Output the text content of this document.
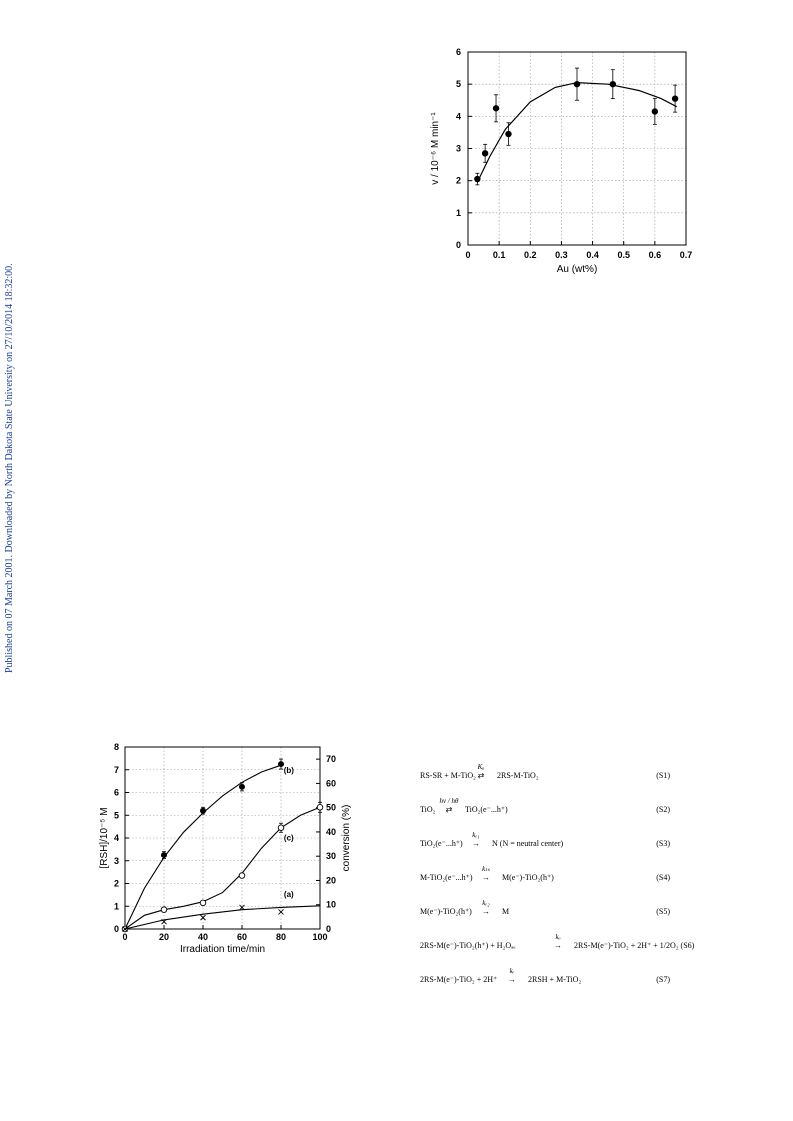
Published on 07 March 2001. Downloaded by North Dakota State University on 27/10/2014 18:32:00.
0 0.1 0.2 0.3 0.4 0.5 0.6 0.7
0
1
2
3
4
5
6
Au (wt%)
v / 10⁻⁶ M min⁻¹
0	20	40	60	80	100
0
1
2
3
4
5
6
7
8
0
10
20
30
40
50
60
70
(b)
(c)
(a)
Irradiation time/min
[RSH]/10⁻⁵ M	conversion (%)
RS-SR + M-TiO₂
Kₐ
⇄	2RS-M-TiO₂	(S1)
TiO₂
hν / hθ
⇄	TiO₂(e⁻...h⁺)	(S2)
TiO₂(e⁻...h⁺)
kₑ₁
→	N (N = neutral center)	(S3)
M-TiO₂(e⁻...h⁺)
kₜₛ
→	M(e⁻)-TiO₂(h⁺)	(S4)
M(e⁻)-TiO₂(h⁺)
kₑ₂
→	M	(S5)
2RS-M(e⁻)-TiO₂(h⁺) + H₂Oₐₑ
kₒ
→	2RS-M(e⁻)-TiO₂ + 2H⁺ + 1/2O₂ (S6)
2RS-M(e⁻)-TiO₂ + 2H⁺
kᵣ
→	2RSH + M-TiO₂	(S7)
